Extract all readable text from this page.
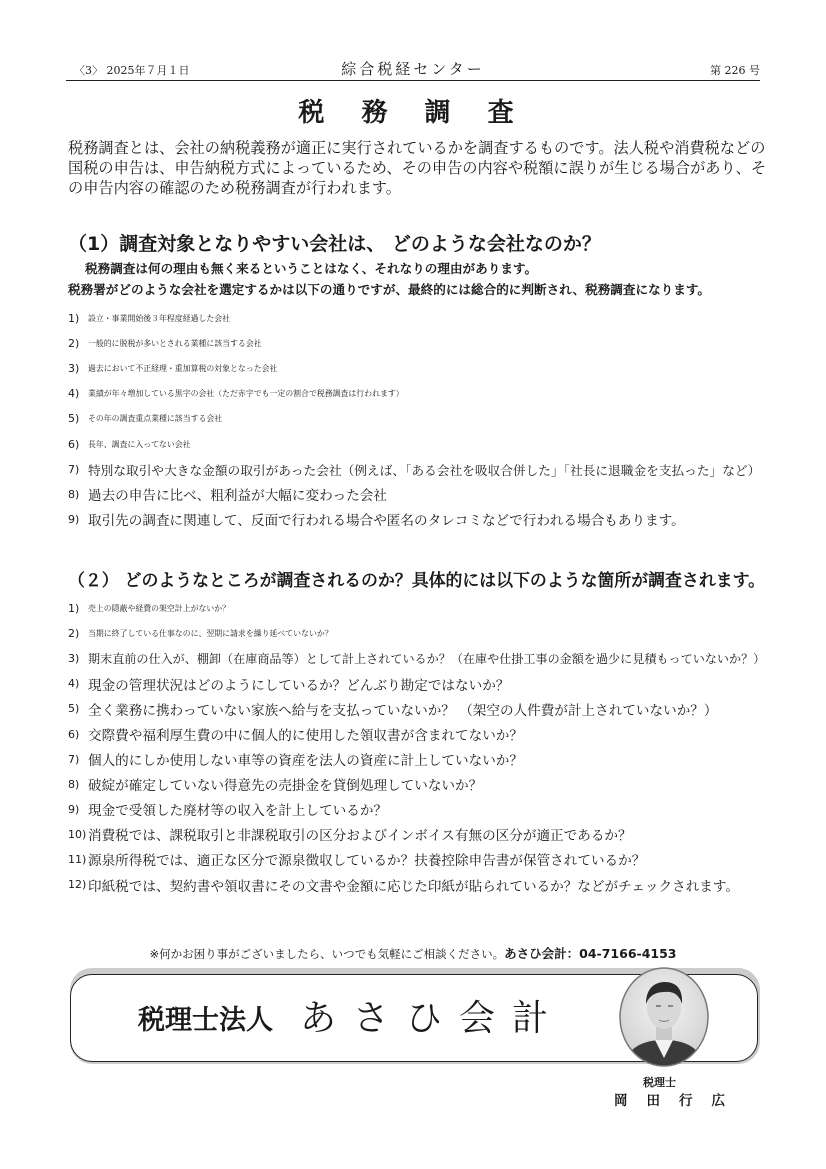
〈3〉 2025年７月１日	綜合税経センター	第 226 号
税 務 調 査
税務調査とは、会社の納税義務が適正に実行されているかを調査するものです。法人税や消費税などの国税の申告は、申告納税方式によっているため、その申告の内容や税額に誤りが生じる場合があり、その申告内容の確認のため税務調査が行われます。
（1）調査対象となりやすい会社は、 どのような会社なのか？
税務調査は何の理由も無く来るということはなく、それなりの理由があります。
税務署がどのような会社を選定するかは以下の通りですが、最終的には総合的に判断され、税務調査になります。
1)	設立・事業開始後３年程度経過した会社
2)	一般的に脱税が多いとされる業種に該当する会社
3)	過去において不正経理・重加算税の対象となった会社
4)	業績が年々増加している黒字の会社（ただ赤字でも一定の割合で税務調査は行われます）
5)	その年の調査重点業種に該当する会社
6)	長年、調査に入ってない会社
7) 特別な取引や大きな金額の取引があった会社（例えば、「ある会社を吸収合併した」「社長に退職金を支払った」など）
8) 過去の申告に比べ、粗利益が大幅に変わった会社
9) 取引先の調査に関連して、反面で行われる場合や匿名のタレコミなどで行われる場合もあります。
（２） どのようなところが調査されるのか？具体的には以下のような箇所が調査されます。
1)	売上の隠蔽や経費の架空計上がないか？
2)	当期に終了している仕事なのに、翌期に請求を繰り延べていないか？
3) 期末直前の仕入が、棚卸（在庫商品等）として計上されているか？（在庫や仕掛工事の金額を過少に見積もっていないか？）
4) 現金の管理状況はどのようにしているか？どんぶり勘定ではないか？
5) 全く業務に携わっていない家族へ給与を支払っていないか？ （架空の人件費が計上されていないか？）
6) 交際費や福利厚生費の中に個人的に使用した領収書が含まれてないか？
7) 個人的にしか使用しない車等の資産を法人の資産に計上していないか？
8) 破綻が確定していない得意先の売掛金を貸倒処理していないか？
9) 現金で受領した廃材等の収入を計上しているか？
10) 消費税では、課税取引と非課税取引の区分およびインボイス有無の区分が適正であるか？
11) 源泉所得税では、適正な区分で源泉徴収しているか？扶養控除申告書が保管されているか？
12) 印紙税では、契約書や領収書にその文書や金額に応じた印紙が貼られているか？などがチェックされます。
※何かお困り事がございましたら、いつでも気軽にご相談ください。あさひ会計：04-7166-4153
税理士法人 あさひ会計
税理士
岡田行広
